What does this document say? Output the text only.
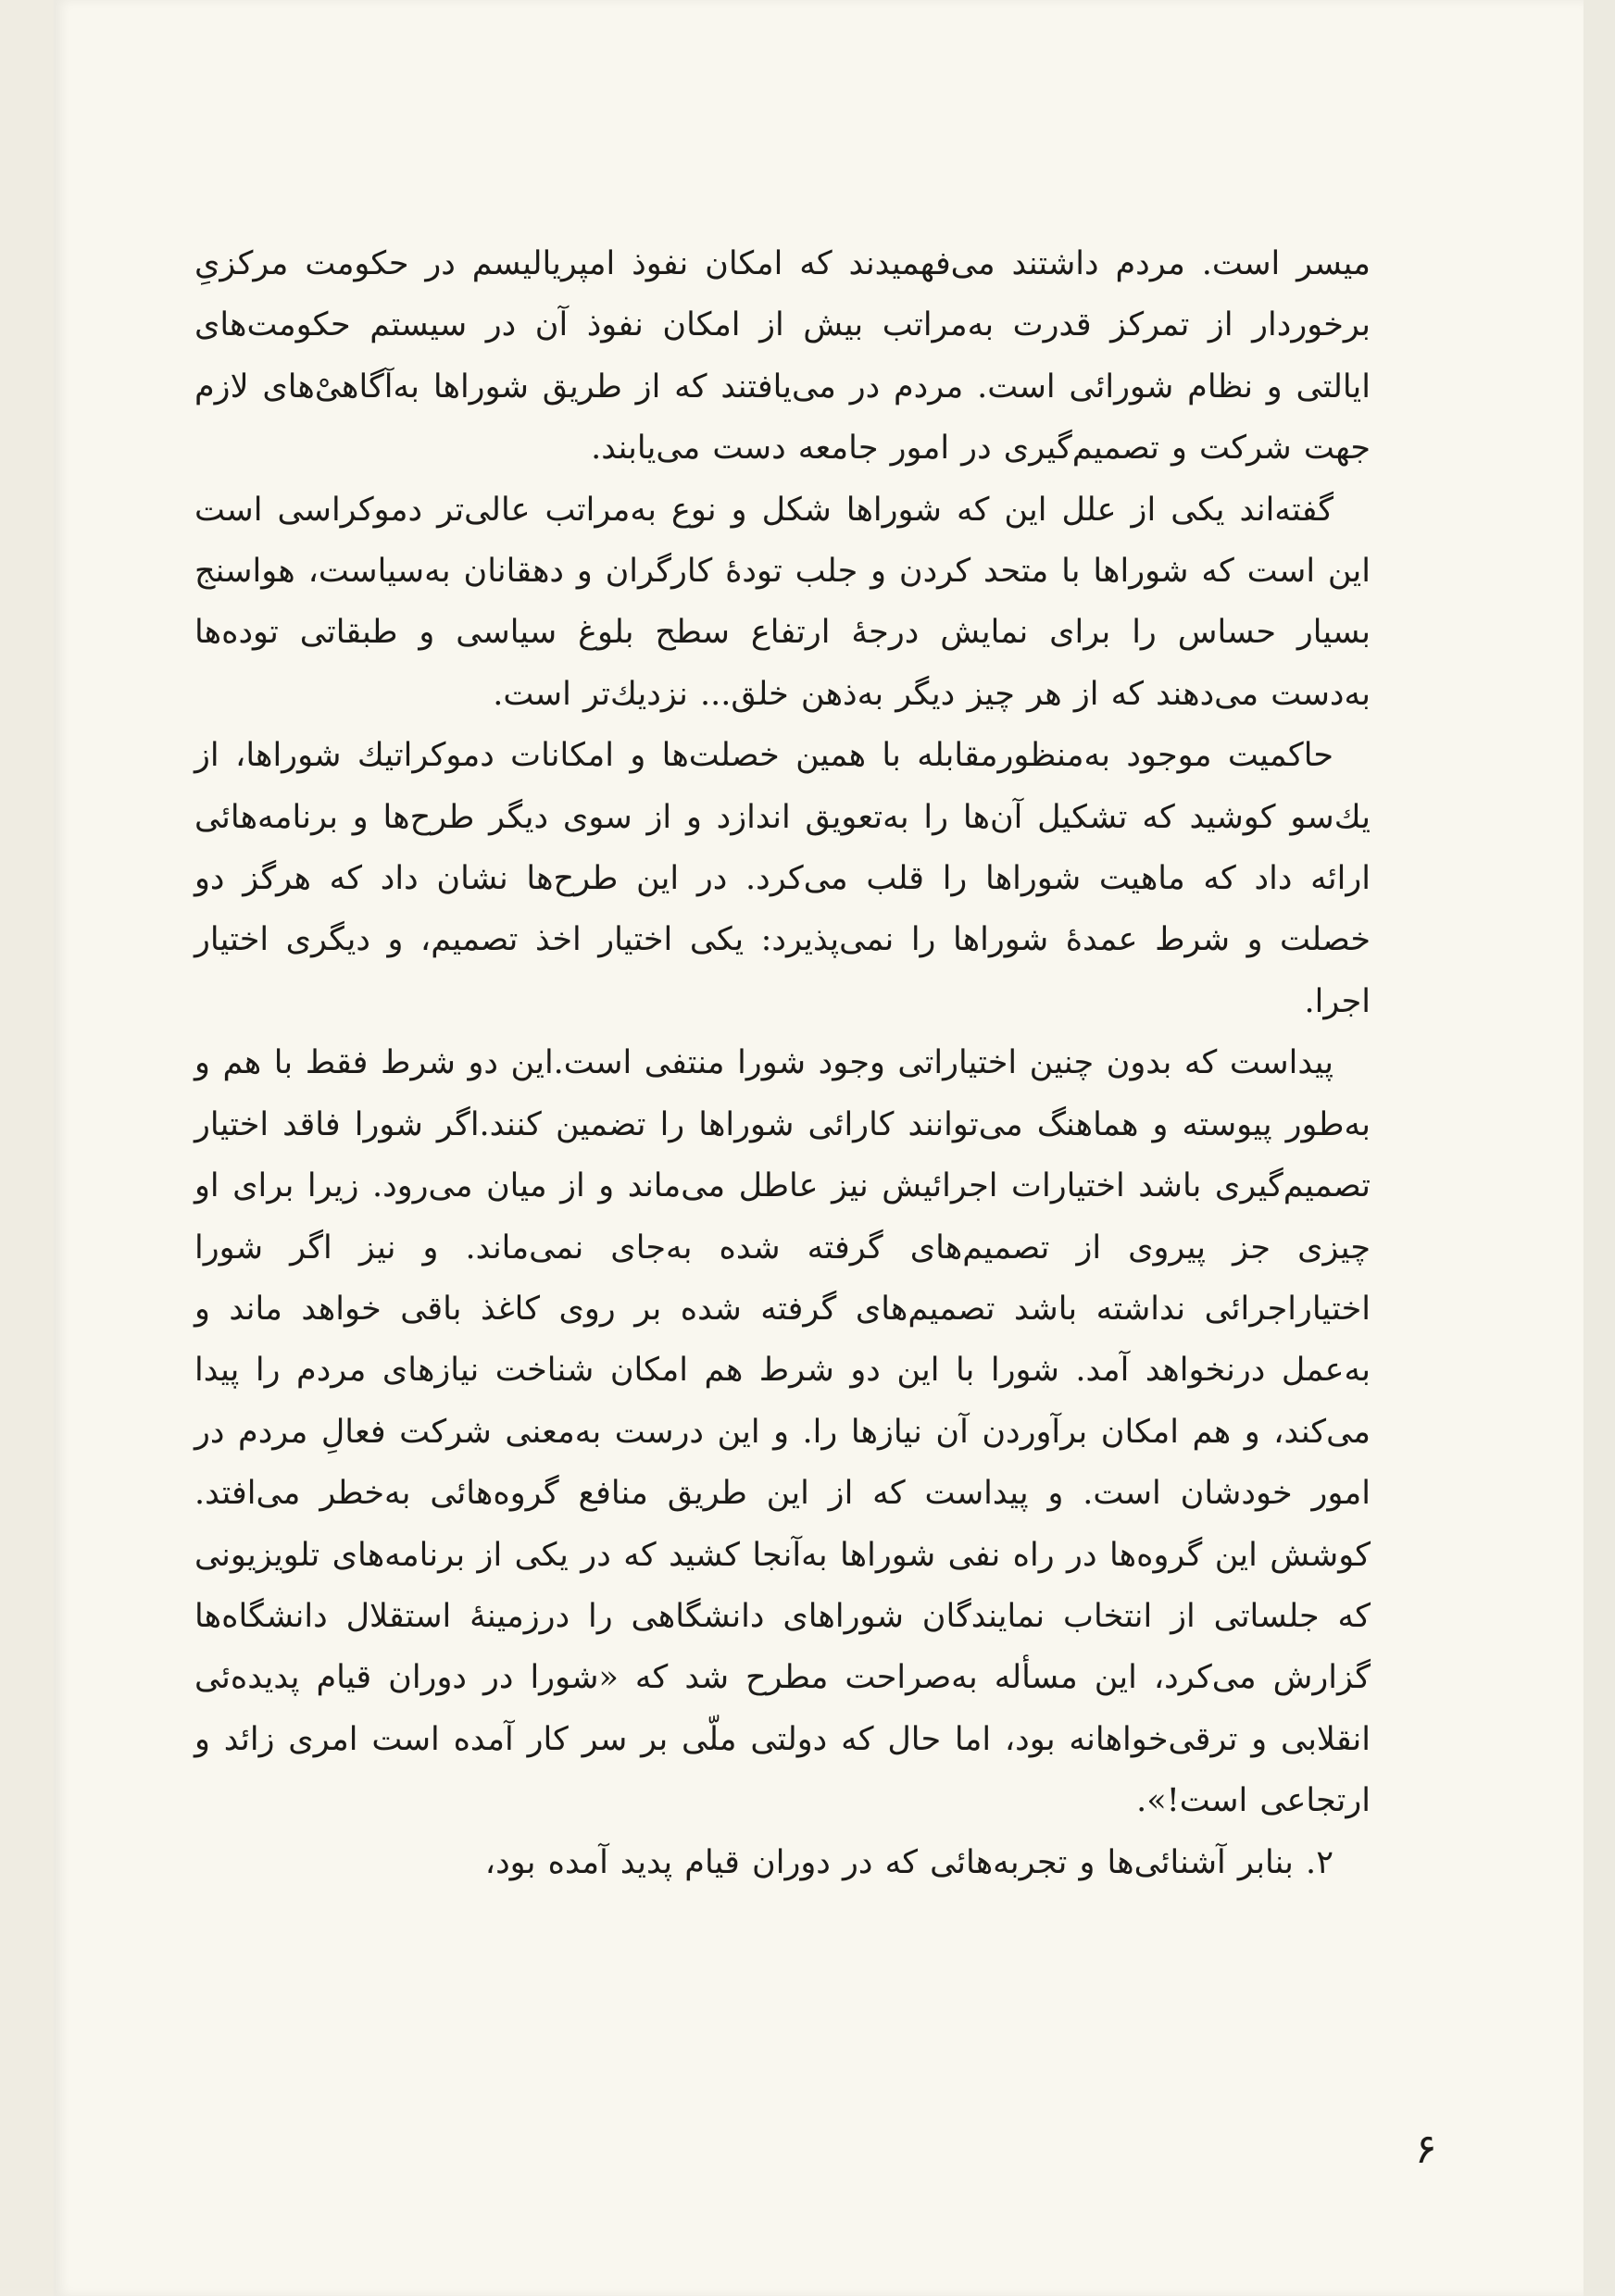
میسر است. مردم داشتند می‌فهمیدند که امکان نفوذ امپریالیسم در حکومت مرکزیِ برخوردار از تمرکز قدرت به‌مراتب بیش از امکان نفوذ آن در سیستم حکومت‌های ایالتی و نظام شورائی است. مردم در می‌یافتند که از طریق شوراها به‌آگاهیْ‌های لازم جهت شرکت و تصمیم‌گیری در امور جامعه دست می‌یابند.

گفته‌اند یکی از علل این که شوراها شکل و نوع به‌مراتب عالی‌تر دموکراسی است این است که شوراها با متحد کردن و جلب تودهٔ کارگران و دهقانان به‌سیاست، هواسنج بسیار حساس را برای نمایش درجهٔ ارتفاع سطح بلوغ سیاسی و طبقاتی توده‌ها به‌دست می‌دهند که از هر چیز دیگر به‌ذهن خلق... نزدیك‌تر است.

حاکمیت موجود به‌منظورمقابله با همین خصلت‌ها و امکانات دموکراتیك شوراها، از یك‌سو کوشید که تشکیل آن‌ها را به‌تعویق اندازد و از سوی دیگر طرح‌ها و برنامه‌هائی ارائه داد که ماهیت شوراها را قلب می‌کرد. در این طرح‌ها نشان داد که هرگز دو خصلت و شرط عمدهٔ شوراها را نمی‌پذیرد: یکی اختیار اخذ تصمیم، و دیگری اختیار اجرا.

پیداست که بدون چنین اختیاراتی وجود شورا منتفی است.این دو شرط فقط با هم و به‌طور پیوسته و هماهنگ می‌توانند کارائی شوراها را تضمین کنند.اگر شورا فاقد اختیار تصمیم‌گیری باشد اختیارات اجرائیش نیز عاطل می‌ماند و از میان می‌رود. زیرا برای او چیزی جز پیروی از تصمیم‌های گرفته شده به‌جای نمی‌ماند. و نیز اگر شورا اختیاراجرائی نداشته باشد تصمیم‌های گرفته شده بر روی کاغذ باقی خواهد ماند و به‌عمل درنخواهد آمد. شورا با این دو شرط هم امکان شناخت نیازهای مردم را پیدا می‌کند، و هم امکان برآوردن آن نیازها را. و این درست به‌معنی شرکت فعالِ مردم در امور خودشان است. و پیداست که از این طریق منافع گروه‌هائی به‌خطر می‌افتد. کوشش این گروه‌ها در راه نفی شوراها به‌آنجا کشید که در یکی از برنامه‌های تلویزیونی که جلساتی از انتخاب نمایندگان شوراهای دانشگاهی را درزمینهٔ استقلال دانشگاه‌ها گزارش می‌کرد، این مسأله به‌صراحت مطرح شد که «شورا در دوران قیام پدیده‌ئی انقلابی و ترقی‌خواهانه بود، اما حال که دولتی ملّی بر سر کار آمده است امری زائد و ارتجاعی است!».

۲. بنابر آشنائی‌ها و تجربه‌هائی که در دوران قیام پدید آمده بود،

۶
